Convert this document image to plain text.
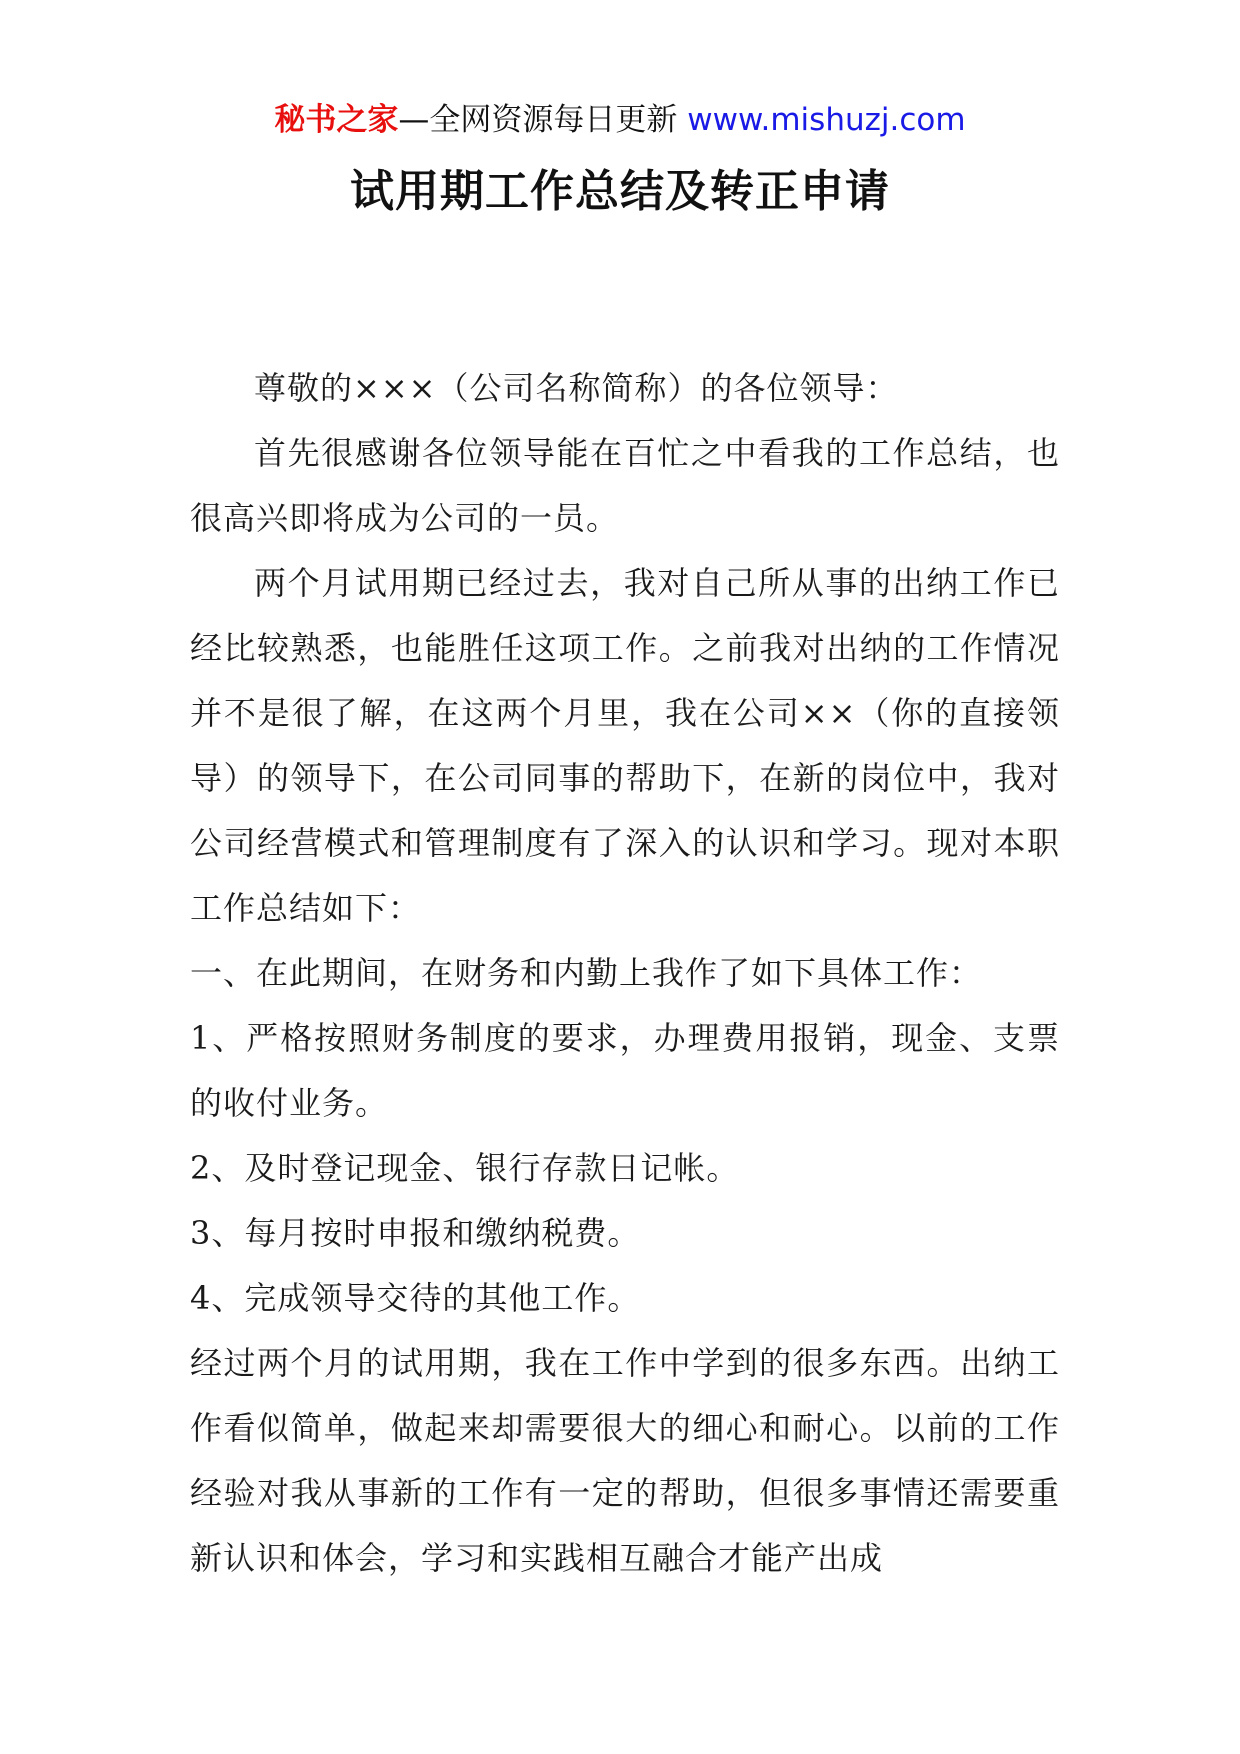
秘书之家—全网资源每日更新 www.mishuzj.com
试用期工作总结及转正申请

尊敬的×××（公司名称简称）的各位领导：

首先很感谢各位领导能在百忙之中看我的工作总结，也很高兴即将成为公司的一员。

两个月试用期已经过去，我对自己所从事的出纳工作已经比较熟悉，也能胜任这项工作。之前我对出纳的工作情况并不是很了解，在这两个月里，我在公司××（你的直接领导）的领导下，在公司同事的帮助下，在新的岗位中，我对公司经营模式和管理制度有了深入的认识和学习。现对本职工作总结如下：

一、在此期间，在财务和内勤上我作了如下具体工作：

1、严格按照财务制度的要求，办理费用报销，现金、支票的收付业务。

2、及时登记现金、银行存款日记帐。

3、每月按时申报和缴纳税费。

4、完成领导交待的其他工作。

经过两个月的试用期，我在工作中学到的很多东西。出纳工作看似简单，做起来却需要很大的细心和耐心。以前的工作经验对我从事新的工作有一定的帮助，但很多事情还需要重新认识和体会，学习和实践相互融合才能产出成
